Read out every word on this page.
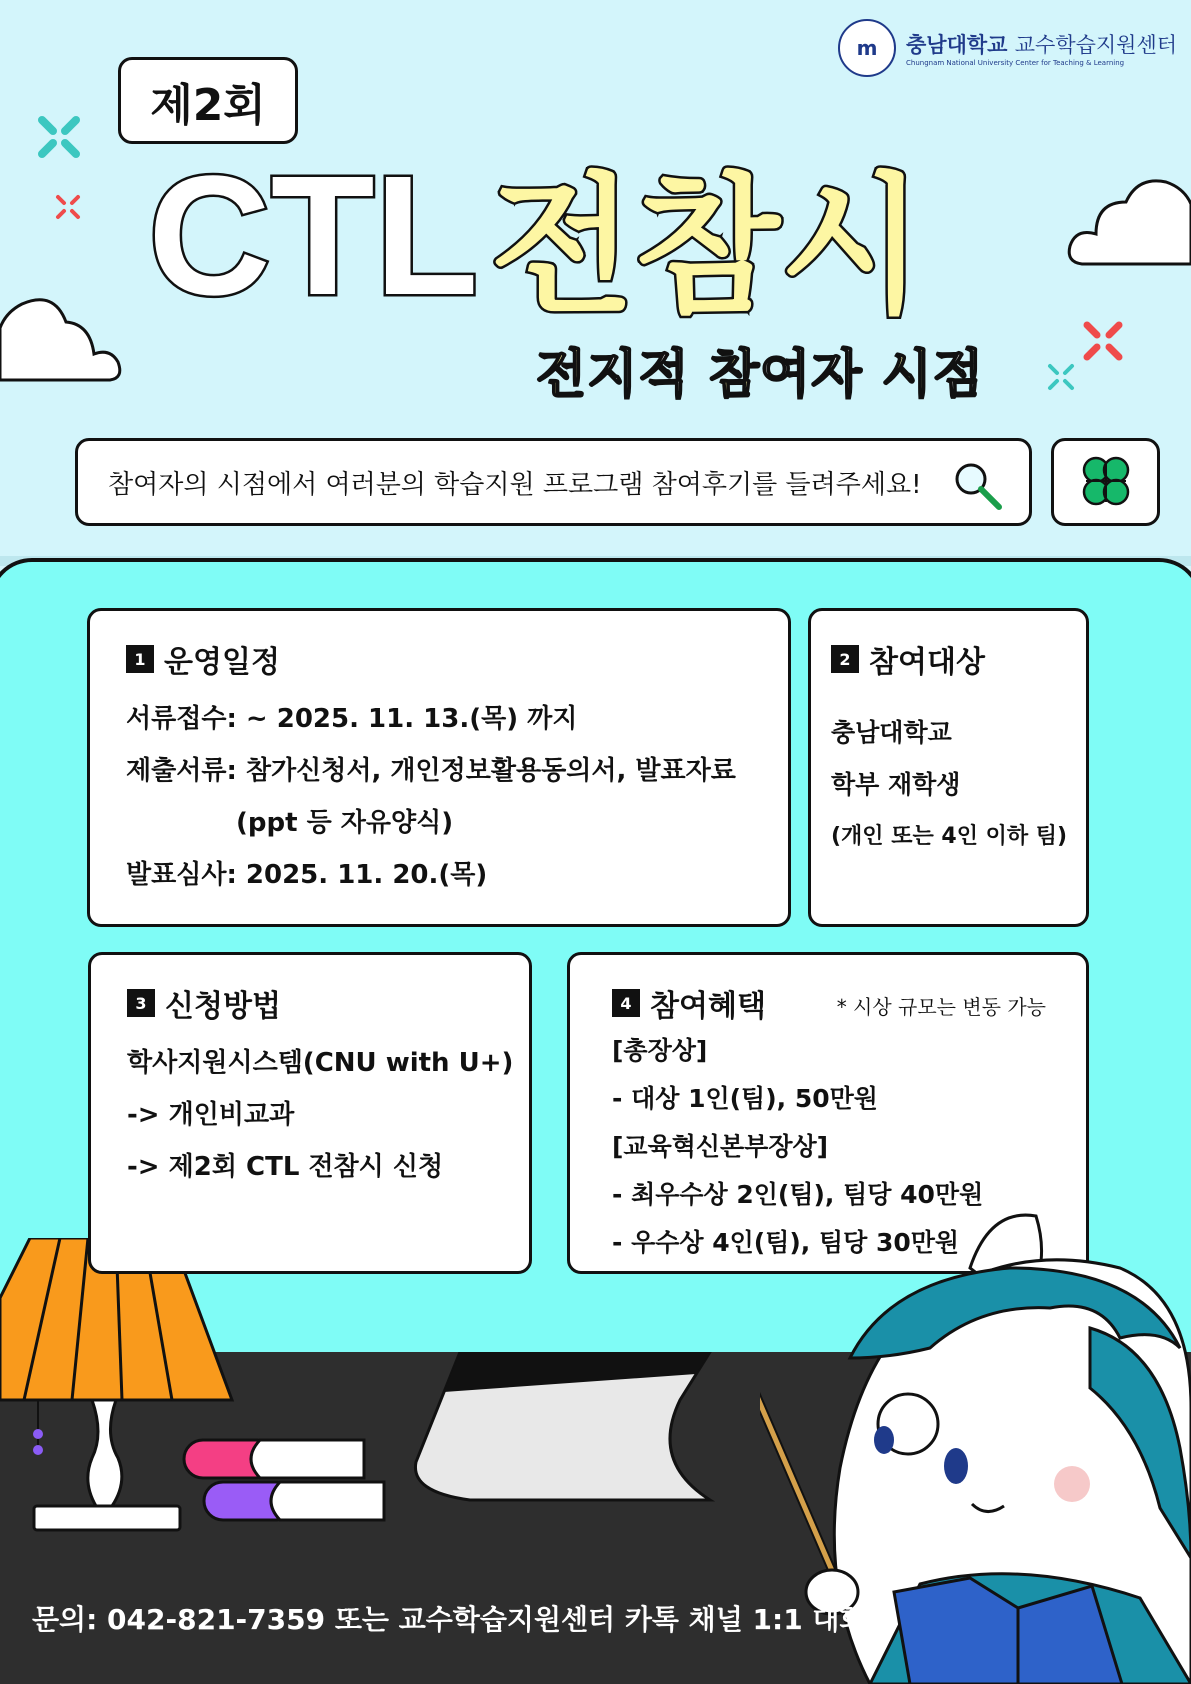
m	충남대학교 교수학습지원센터
Chungnam National University Center for Teaching & Learning
제2회
CTL 전참시
전지적 참여자 시점
참여자의 시점에서 여러분의 학습지원 프로그램 참여후기를 들려주세요!
1 운영일정

서류접수: ~ 2025. 11. 13.(목) 까지

제출서류: 참가신청서, 개인정보활용동의서, 발표자료

(ppt 등 자유양식)

발표심사: 2025. 11. 20.(목)

2 참여대상

충남대학교

학부 재학생

(개인 또는 4인 이하 팀)

3 신청방법

학사지원시스템(CNU with U+)

-> 개인비교과

-> 제2회 CTL 전참시 신청

4 참여혜택	* 시상 규모는 변동 가능

[총장상]

- 대상 1인(팀), 50만원

[교육혁신본부장상]

- 최우수상 2인(팀), 팀당 40만원

- 우수상 4인(팀), 팀당 30만원

문의: 042-821-7359 또는 교수학습지원센터 카톡 채널 1:1 대화
